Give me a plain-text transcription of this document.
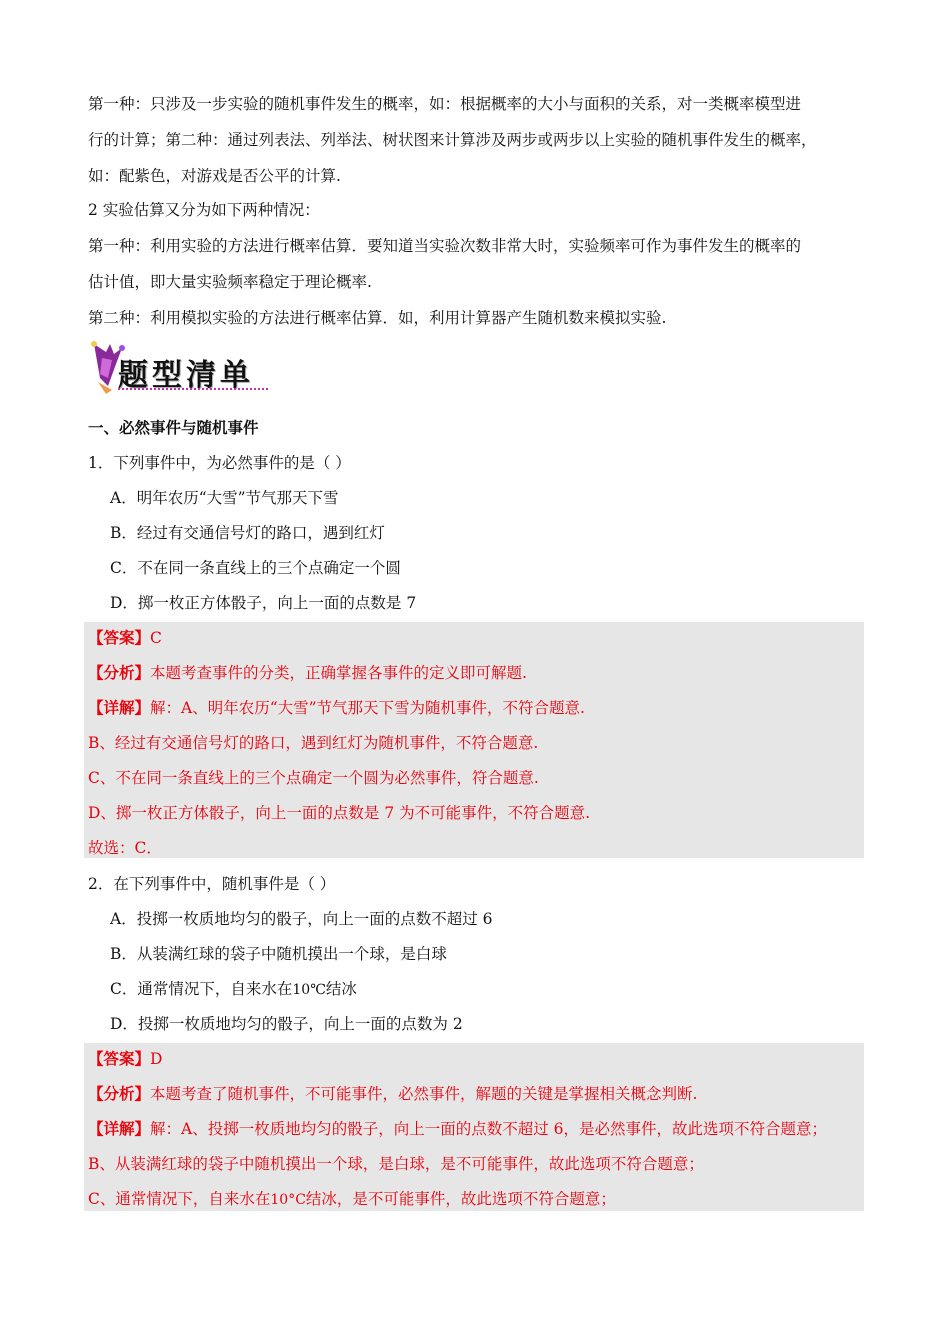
第一种：只涉及一步实验的随机事件发生的概率，如：根据概率的大小与面积的关系，对一类概率模型进
行的计算；第二种：通过列表法、列举法、树状图来计算涉及两步或两步以上实验的随机事件发生的概率，
如：配紫色，对游戏是否公平的计算.
2 实验估算又分为如下两种情况：
第一种：利用实验的方法进行概率估算．要知道当实验次数非常大时，实验频率可作为事件发生的概率的
估计值，即大量实验频率稳定于理论概率.
第二种：利用模拟实验的方法进行概率估算．如，利用计算器产生随机数来模拟实验.
题型清单
一、必然事件与随机事件
1．下列事件中，为必然事件的是（ ）
A．明年农历“大雪”节气那天下雪
B．经过有交通信号灯的路口，遇到红灯
C．不在同一条直线上的三个点确定一个圆
D．掷一枚正方体骰子，向上一面的点数是 7
【答案】C
【分析】本题考查事件的分类，正确掌握各事件的定义即可解题.
【详解】解：A、明年农历“大雪”节气那天下雪为随机事件，不符合题意.
B、经过有交通信号灯的路口，遇到红灯为随机事件，不符合题意.
C、不在同一条直线上的三个点确定一个圆为必然事件，符合题意.
D、掷一枚正方体骰子，向上一面的点数是 7 为不可能事件，不符合题意.
故选：C．
2．在下列事件中，随机事件是（ ）
A．投掷一枚质地均匀的骰子，向上一面的点数不超过 6
B．从装满红球的袋子中随机摸出一个球，是白球
C．通常情况下，自来水在10℃结冰
D．投掷一枚质地均匀的骰子，向上一面的点数为 2
【答案】D
【分析】本题考查了随机事件，不可能事件，必然事件，解题的关键是掌握相关概念判断.
【详解】解：A、投掷一枚质地均匀的骰子，向上一面的点数不超过 6，是必然事件，故此选项不符合题意；
B、从装满红球的袋子中随机摸出一个球，是白球，是不可能事件，故此选项不符合题意；
C、通常情况下，自来水在10°C结冰，是不可能事件，故此选项不符合题意；
